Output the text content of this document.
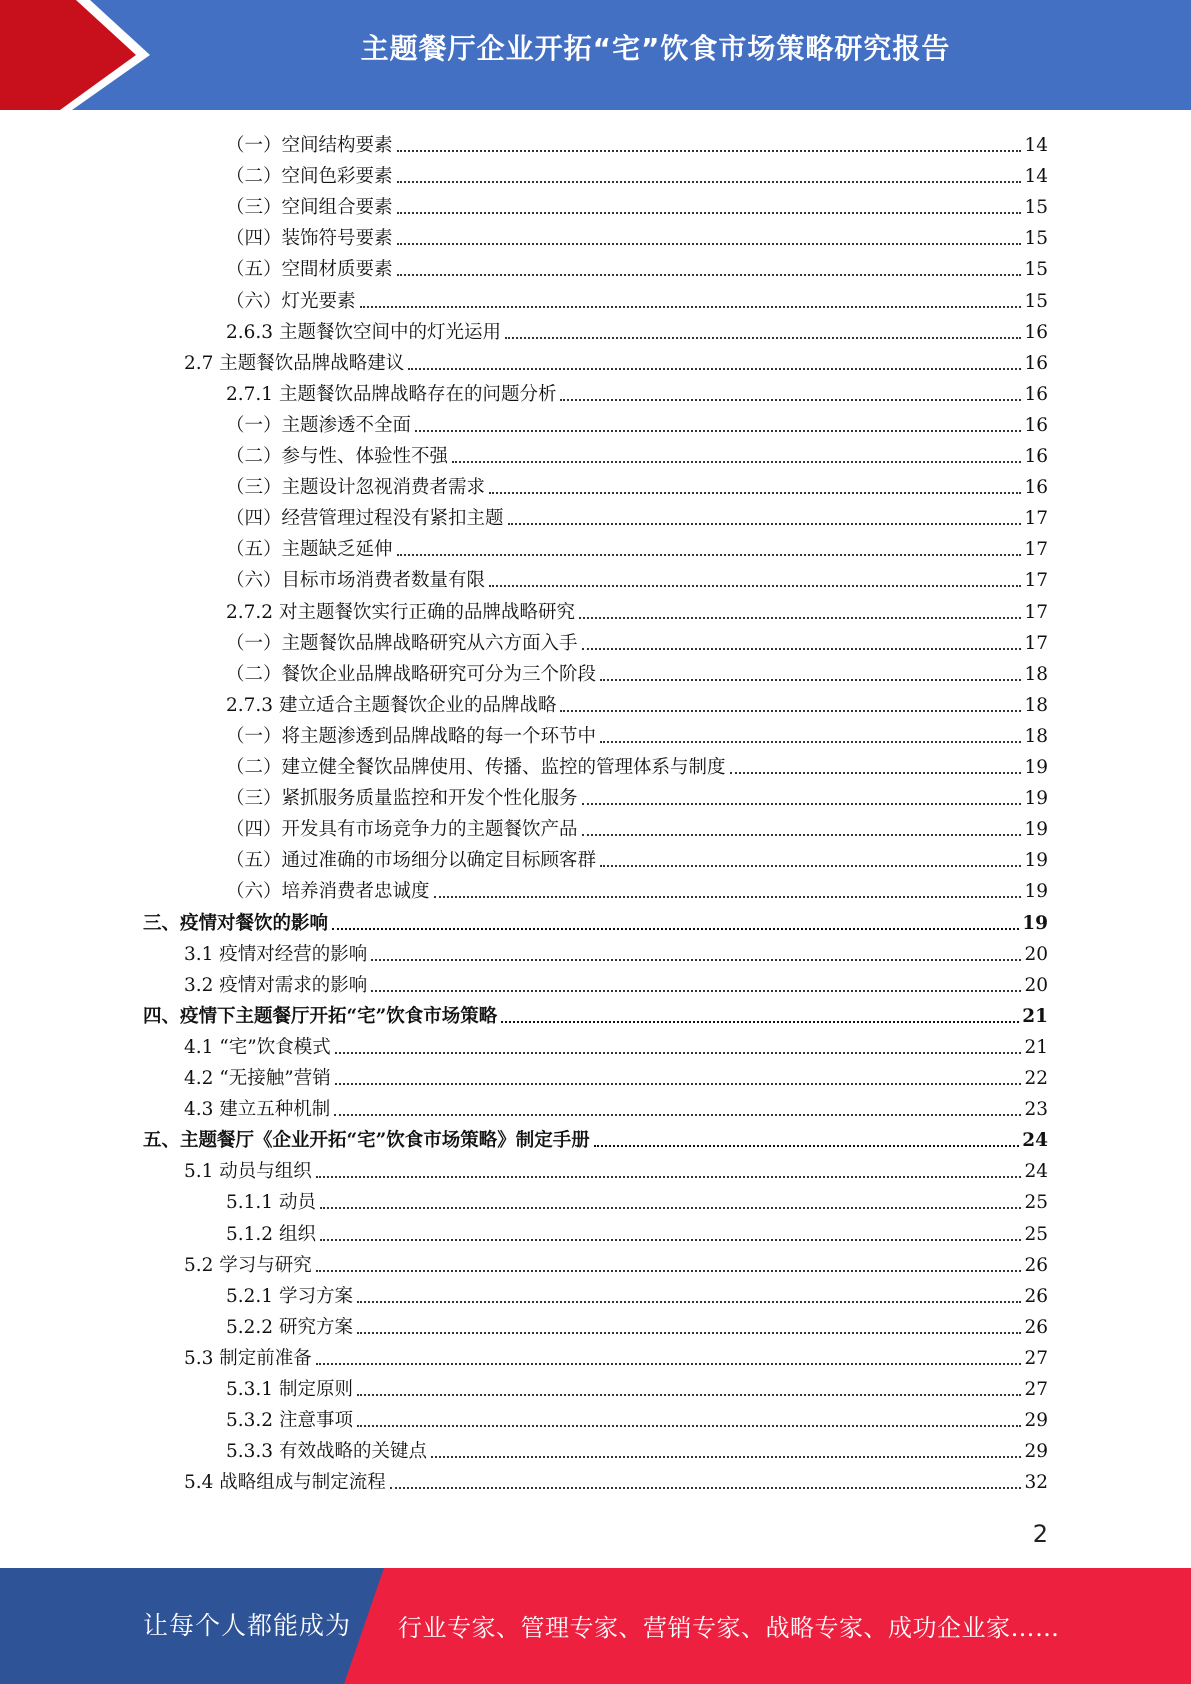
主题餐厅企业开拓“宅”饮食市场策略研究报告
（一）空间结构要素	14
（二）空间色彩要素	14
（三）空间组合要素	15
（四）装饰符号要素	15
（五）空間材质要素	15
（六）灯光要素	15
2.6.3 主题餐饮空间中的灯光运用	16
2.7 主题餐饮品牌战略建议	16
2.7.1 主题餐饮品牌战略存在的问题分析	16
（一）主题渗透不全面	16
（二）参与性、体验性不强	16
（三）主题设计忽视消费者需求	16
（四）经营管理过程没有紧扣主题	17
（五）主题缺乏延伸	17
（六）目标市场消费者数量有限	17
2.7.2 对主题餐饮实行正确的品牌战略研究	17
（一）主题餐饮品牌战略研究从六方面入手	17
（二）餐饮企业品牌战略研究可分为三个阶段	18
2.7.3 建立适合主题餐饮企业的品牌战略	18
（一）将主题渗透到品牌战略的每一个环节中	18
（二）建立健全餐饮品牌使用、传播、监控的管理体系与制度	19
（三）紧抓服务质量监控和开发个性化服务	19
（四）开发具有市场竞争力的主题餐饮产品	19
（五）通过准确的市场细分以确定目标顾客群	19
（六）培养消费者忠诚度	19
三、疫情对餐饮的影响	19
3.1 疫情对经营的影响	20
3.2 疫情对需求的影响	20
四、疫情下主题餐厅开拓“宅”饮食市场策略	21
4.1 “宅”饮食模式	21
4.2 “无接触”营销	22
4.3 建立五种机制	23
五、主题餐厅《企业开拓“宅”饮食市场策略》制定手册	24
5.1 动员与组织	24
5.1.1 动员	25
5.1.2 组织	25
5.2 学习与研究	26
5.2.1 学习方案	26
5.2.2 研究方案	26
5.3 制定前准备	27
5.3.1 制定原则	27
5.3.2 注意事项	29
5.3.3 有效战略的关键点	29
5.4 战略组成与制定流程	32
2
让每个人都能成为 行业专家、管理专家、营销专家、战略专家、成功企业家……
